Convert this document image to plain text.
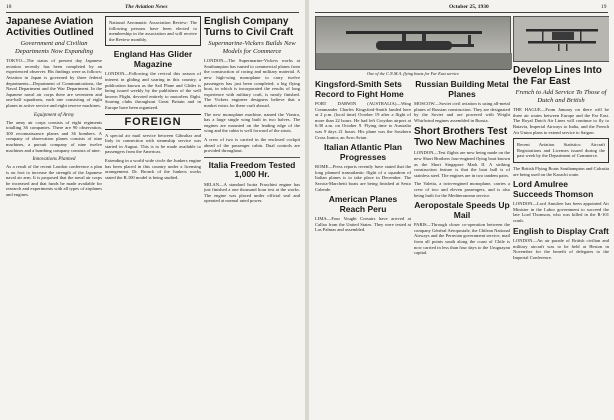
18	The Aviation News
Japanese Aviation Activities Outlined
Government and Civilian Departments Now Expanding

TOKYO—The status of present day Japanese aviation recently has been completed by an experienced observer. His findings were as follows: Aviation in Japan is governed by three federal departments—Department of Communications, the Naval Department and the War Department. In the Japanese naval air corps there are seventeen and one-half squadrons, each one consisting of eight planes in active service and eight reserve machines.

Equipment of Army

The army air corps consists of eight regiments totalling 36 companies. There are 90 observation, 300 reconnaissance planes and 36 bombers. A company of observation planes consists of nine machines, a pursuit company of nine twelve machines and a bombing company consists of nine.

Innovations Planned

As a result of the recent London conference a plan is on foot to increase the strength of the Japanese naval air arm. It is proposed that the naval air corps be increased and that funds be made available for research and experiments with all types of airplanes and engines.

National Aeronautic Association Review: The following persons have been elected to membership in the association and will receive the Review monthly.

England Has Glider Magazine

LONDON—Following the revival this season of interest in gliding and soaring in this country, a publication known as the Sail Plane and Glider is being issued weekly by the publishers of the well known Flight, devoted entirely to motorless flight. Soaring clubs throughout Great Britain and in Europe have been organized.

FOREIGN

A special air mail service between Gibraltar and Italy in connection with steamship service was started in August. This is to be made available to passengers from the Americas.

Extending in a world wide circle the Junkers engine has been placed in this country under a licensing arrangement. Dr. Bronck of the Junkers works stated the R.100 model is being studied.

English Company Turns to Civil Craft
Supermarine-Vickers Builds New Models for Commerce

LONDON—The Supermarine-Vickers works at Southampton has turned to commercial planes from the construction of racing and military material. A new high-wing monoplane to carry twelve passengers has just been completed; a big flying boat, in which is incorporated the results of long experience with military craft, is nearly finished. The Vickers engineer designers believe that a market exists for these craft abroad.

The new monoplane machine, named the Viastra, has a large single wing built in two halves. The engines are mounted on the leading edge of the wing and the cabin is well forward of the struts.

A crew of two is carried in the enclosed cockpit ahead of the passenger cabin. Dual controls are provided throughout.

Italia Freedom Tested 1,000 Hr.

MILAN—A standard Isotta Fraschini engine has just finished a one thousand hour test at the works. The engine was placed under official seal and operated at normal rated power.

October 25, 1930	19
One of the C.N.M.A. flying boats for Far East service
Kingsford-Smith Sets Record to Fight Home

PORT DARWIN (AUSTRALIA)—Wing Commander Charles Kingsford-Smith landed here at 2 p.m. (local time) October 19 after a flight of more than 22 hours. He had left Croydon airport at 6:30 a.m. on October 9. Flying time to Australia was 9 days 21 hours. His plane was the Southern Cross Junior, an Avro Avian.

Italian Atlantic Plan Progresses

ROME—Press reports recently have stated that the long planned transatlantic flight of a squadron of Italian planes is to take place in December. The Savoia-Marchetti boats are being finished at Sesto Calende.

American Planes Reach Peru

LIMA—Four Vought Corsairs have arrived at Callao from the United States. They were tested at Las Palmas and assembled.

Russian Building Metal Planes

MOSCOW—Soviet civil aviation is using all-metal planes of Russian construction. They are designated by the Soviet and are powered with Wright Whirlwind engines assembled in Russia.

Short Brothers Test Two New Machines

LONDON—Test flights are now being made on the new Short Brothers four-engined flying boat known as the Short Singapore Mark II. A striking construction feature is that the boat hull is of stainless steel. The engines are in two tandem pairs.

The Valetta, a twin-engined monoplane, carries a crew of two and eleven passengers, and is also being built for the Mediterranean service.

Aeropostale Speeds Up Mail

PARIS—Through closer co-operation between the company Général Aéropostale, the Chilean National Airways and the Peruvian government service, mail from all points south along the coast of Chile is now carried in less than four days to the Uruguayan capital.

Develop Lines Into the Far East
French to Add Service To Those of Dutch and British

THE HAGUE—From January on there will be three air routes between Europe and the Far East. The Royal Dutch Air Lines will continue to fly to Batavia, Imperial Airways to India, and the French Air Union plans to extend service to Saigon.

Recent Aviation Statistics: Aircraft Registrations and Licenses issued during the past week by the Department of Commerce.

The British Flying Boats Southampton and Calcutta are being used on the Karachi route.

Lord Amulree Succeeds Thomson

LONDON—Lord Amulree has been appointed Air Minister in the Labor government to succeed the late Lord Thomson, who was killed in the R-101 crash.

English to Display Craft

LONDON—An air parade of British civilian and military aircraft was to be held at Heston in November for the benefit of delegates to the Imperial Conference.
